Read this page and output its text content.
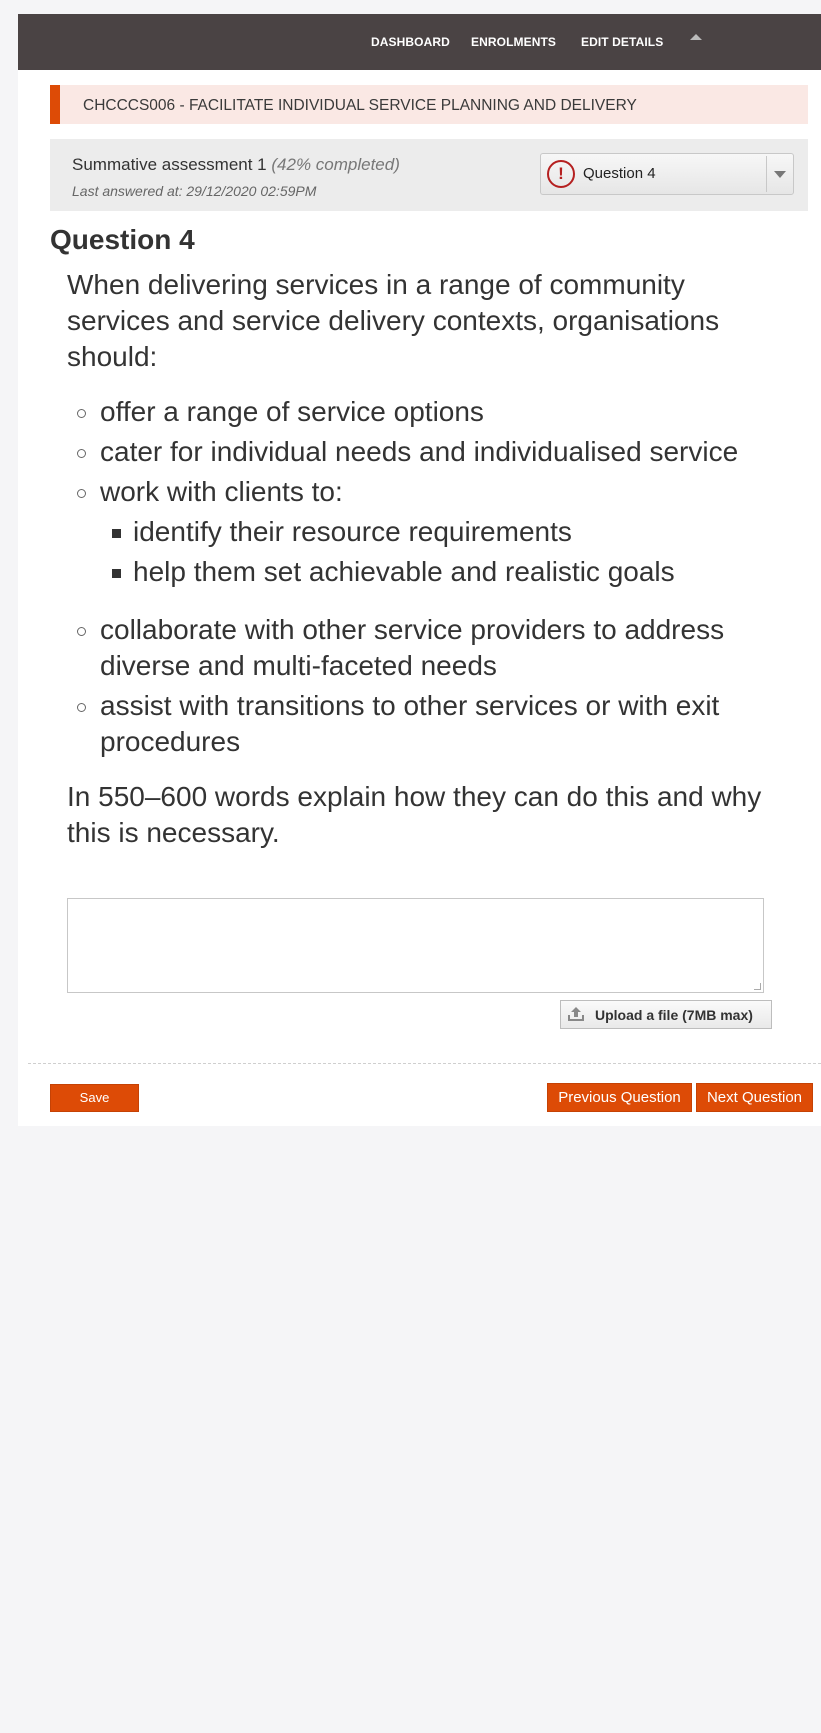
DASHBOARD ENROLMENTS EDIT DETAILS
CHCCCS006 - FACILITATE INDIVIDUAL SERVICE PLANNING AND DELIVERY
Summative assessment 1 (42% completed)
Last answered at: 29/12/2020 02:59PM
!	Question 4
Question 4

When delivering services in a range of community services and service delivery contexts, organisations should:

offer a range of service options
cater for individual needs and individualised service
work with clients to:
identify their resource requirements
help them set achievable and realistic goals
collaborate with other service providers to address diverse and multi-faceted needs
assist with transitions to other services or with exit procedures

In 550–600 words explain how they can do this and why this is necessary.

Upload a file (7MB max)
Save	Previous Question	Next Question
